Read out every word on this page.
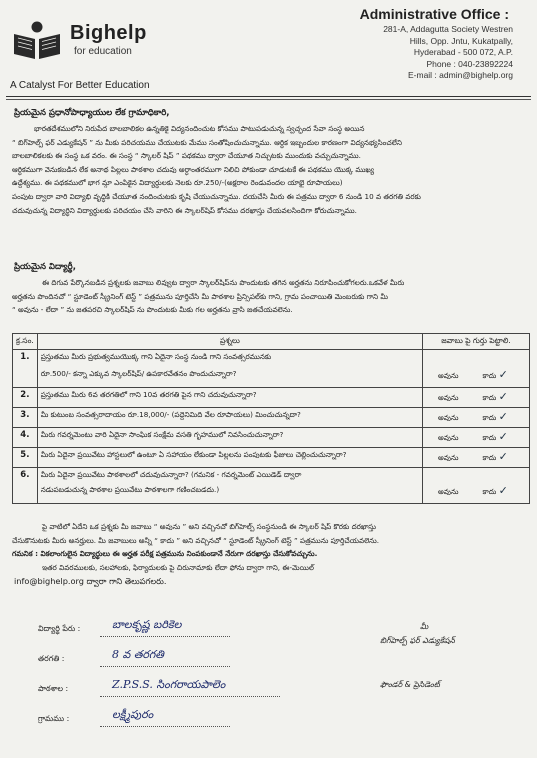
Bighelp
for education
A Catalyst For Better Education
Administrative Office :
281-A, Addagutta Society Westren
Hills, Opp. Jntu, Kukatpally,
Hyderabad - 500 072, A.P.
Phone : 040-23892224
E-mail : admin@bighelp.org
ప్రియమైన ప్రధానోపాధ్యాయుల లేక గ్రామాధికారి,
భారతదేశములోని నిరుపేద బాలబాలికల ఉన్నతికై విద్యనందించుట కోసము పాటుపడుచున్న స్వచ్ఛంద సేవా సంస్థ అయిన
“ బిగ్‌హెల్ప్ ఫర్ ఎడ్యుకేషన్ ” ను మీకు పరిచయము చేయుటకు మేము సంతోషించుచున్నాము. ఆర్థిక ఇబ్బందుల కారణంగా విద్యనభ్యసించలేని
బాలబాలికలకు ఈ సంస్థ ఒక వరం. ఈ సంస్థ “ స్కాలర్ షిప్ ” పథకము ద్వారా చేయూత నిచ్చుటకు ముందుకు వచ్చుచున్నాము.
ఆర్థికముగా వెనుకబడిన లేక అనాథ పిల్లలు పాఠశాల చదువు అర్ధాంతరముగా నిలిచి పోకుండా చూడుటకే ఈ పథకము యొక్క ముఖ్య
ఉద్దేశ్యము. ఈ పథకములో భాగ మ్గా ఎంపికైన విద్యార్థులకు నెలకు రూ.250/-(అక్షరాల రెండువందల యాభై రూపాయలు)
పంపుట ద్వారా వారి విద్యాభి వృద్ధికి చేయూత నందించుటకు కృషి చేయుచున్నాము. దయచేసి మీరు ఈ పత్రము ద్వారా 6 నుండి 10 వ తరగతి వరకు
చదువుచున్న విద్యార్థిని విద్యార్థులకు పరిచయం చేసి వారిని ఈ స్కాలర్‌షిప్ కోసము దరఖాస్తు చేయవలసిందిగా కోరుచున్నాము.
ప్రియమైన విద్యార్థీ,
ఈ దిగువ పేర్కొనబడిన ప్రశ్నలకు జవాబు లివ్వుట ద్వారా స్కాలర్‌షిప్‌ను పొందుటకు తగిన అర్హతను నిరూపించుకోగలరు.ఒకవేళ మీరు
అర్హతను పొందినచో “ స్టూడెంట్ స్క్రీనింగ్ టెస్ట్ ” పత్రమును పూర్తిచేసి మీ పాఠశాల ప్రిన్సిపల్‌కు గాని, గ్రామ పంచాయితి మెంబరుకు గాని మీ
“ అవును - లేదా ” ను జతపరచి స్కాలర్‌షిప్ ను పొందుటకు మీకు గల అర్హతను వ్రాసి జతచేయవలెను.
క్ర.సం.	ప్రశ్నలు	జవాబు పై గుర్తు పెట్టాలి.
1.	ప్రస్తుతము మీరు ప్రభుత్వముయొక్క గాని ఏదైనా సంస్థ నుండి గాని సంవత్సరమునకు
రూ.500/- కన్నా ఎక్కువ స్కాలర్‌షిప్/ ఉపకారవేతనం పొందుచున్నారా?	అవును కాదు ✓

2.	ప్రస్తుతము మీరు 6వ తరగతిలో గాని 10వ తరగతి పైన గాని చదువుచున్నారా?	అవును కాదు ✓
3.	మీ కుటుంబ సంవత్సరాదాయం రూ.18,000/- (పద్దెనిమిది వేల రూపాయలు) మించుచున్నదా?	అవును కాదు ✓
4.	మీరు గవర్నమెంటు వారి ఏదైనా సాంఘిక సంక్షేమ వసతి గృహములో నివసించుచున్నారా?	అవును కాదు ✓
5.	మీరు ఏదైనా ప్రయివేటు హాస్టలులో ఉంటూ ఏ సహాయం లేకుండా పిల్లలను పంపుటకు ఫీజులు చెల్లించుచున్నారా?	అవును కాదు ✓
6.	మీరు ఏదైనా ప్రయివేటు పాఠశాలలో చదువుచున్నారా? (గమనిక - గవర్నమెంట్ ఎయిడెడ్ ద్వారా
నడుపబడుచున్న పాఠశాల ప్రయివేటు పాఠశాలగా గణించబడదు.)	అవును కాదు ✓
పై వాటిలో ఏదేని ఒక ప్రశ్నకు మీ జవాబు “ అవును ” అని వచ్చినచో బిగ్‌హెల్ప్ సంస్థనుండి ఈ స్కాలర్ షిప్ కొరకు దరఖాస్తు
చేసుకొనుటకు మీరు అనర్హులు. మీ జవాబులు అన్నీ “ కాదు ” అని వచ్చినచో “ స్టూడెంట్ స్క్రీనింగ్ టెస్ట్ ” పత్రమును పూర్తిచేయవలెను.
గమనిక : వికలాంగులైన విద్యార్థులు ఈ అర్హత పరీక్ష పత్రమును నింపకుండానే నేరుగా దరఖాస్తు చేసుకోవచ్చును.
ఇతర వివరములకు, సలహాలకు, ఫిర్యాదులకు పై చిరునామాకు లేదా ఫోను ద్వారా గాని, ఈ-మెయిల్
info@bighelp.org ద్వారా గాని తెలుపగలరు.
విద్యార్థి పేరు :	బాలకృష్ణ బరికెల
తరగతి :	8 వ తరగతి
పాఠశాల :	Z.P.S.S. సింగరాయపాలెం
గ్రామము :	లక్ష్మీపురం
మీ
బిగ్‌హెల్ప్ ఫర్ ఎడ్యుకేషన్
ఫౌండర్ & ప్రెసిడెంట్
